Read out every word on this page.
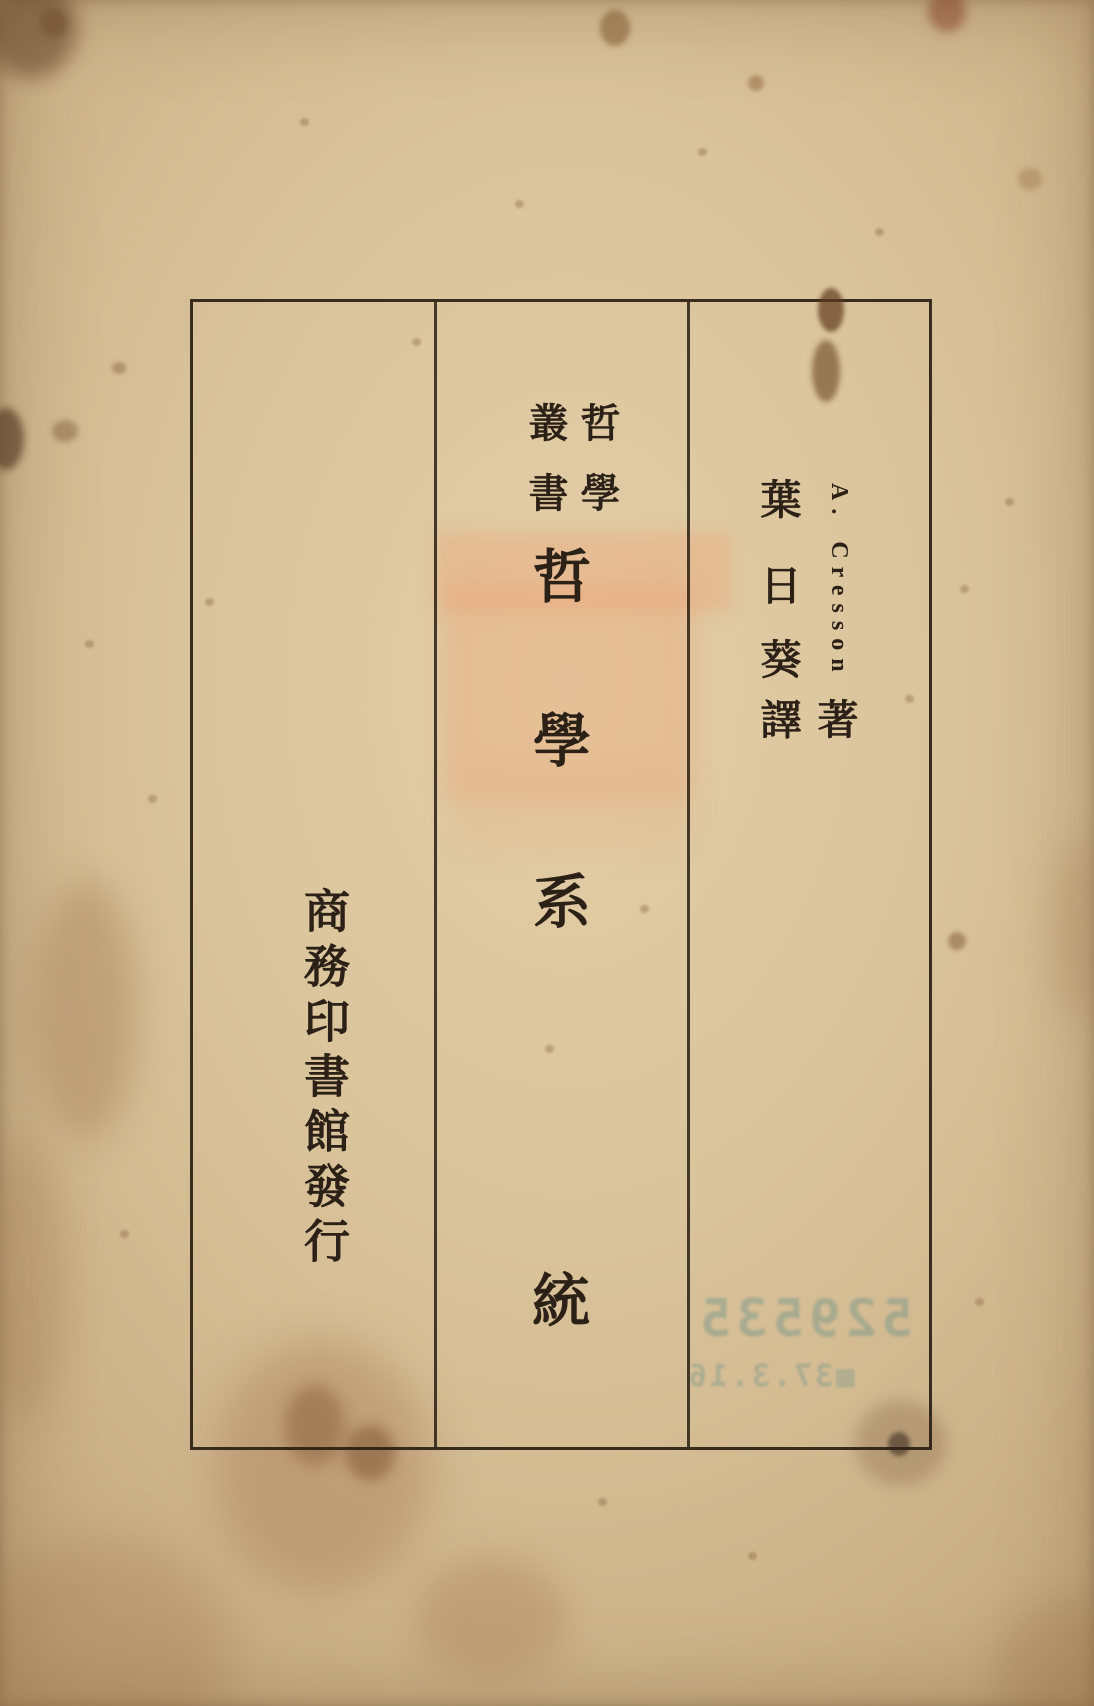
哲學
叢書
哲
學
系
統
A. Cresson
著
葉
日
葵
譯
商務印書館發行
529535
▩37.3.16
